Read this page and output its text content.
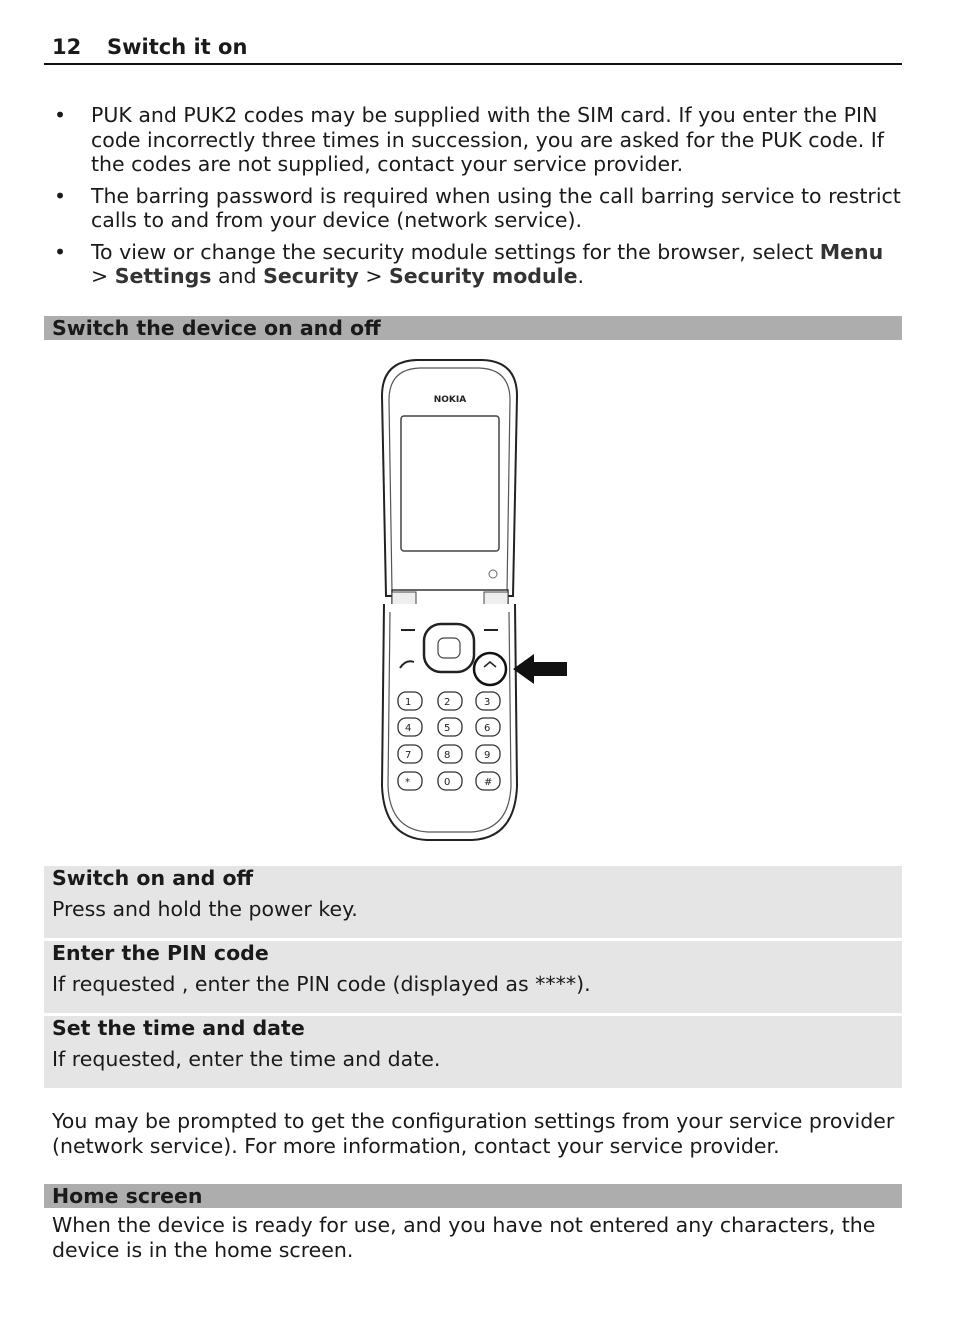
12 Switch it on
• PUK and PUK2 codes may be supplied with the SIM card. If you enter the PIN code incorrectly three times in succession, you are asked for the PUK code. If the codes are not supplied, contact your service provider.
• The barring password is required when using the call barring service to restrict calls to and from your device (network service).
• To view or change the security module settings for the browser, select Menu > Settings and Security > Security module.
Switch the device on and off
NOKIA
1	2	3
4	5	6
7	8	9
*	0	#
Switch on and off
Press and hold the power key.
Enter the PIN code
If requested , enter the PIN code (displayed as ****).
Set the time and date
If requested, enter the time and date.
You may be prompted to get the configuration settings from your service provider (network service). For more information, contact your service provider.
Home screen
When the device is ready for use, and you have not entered any characters, the device is in the home screen.
